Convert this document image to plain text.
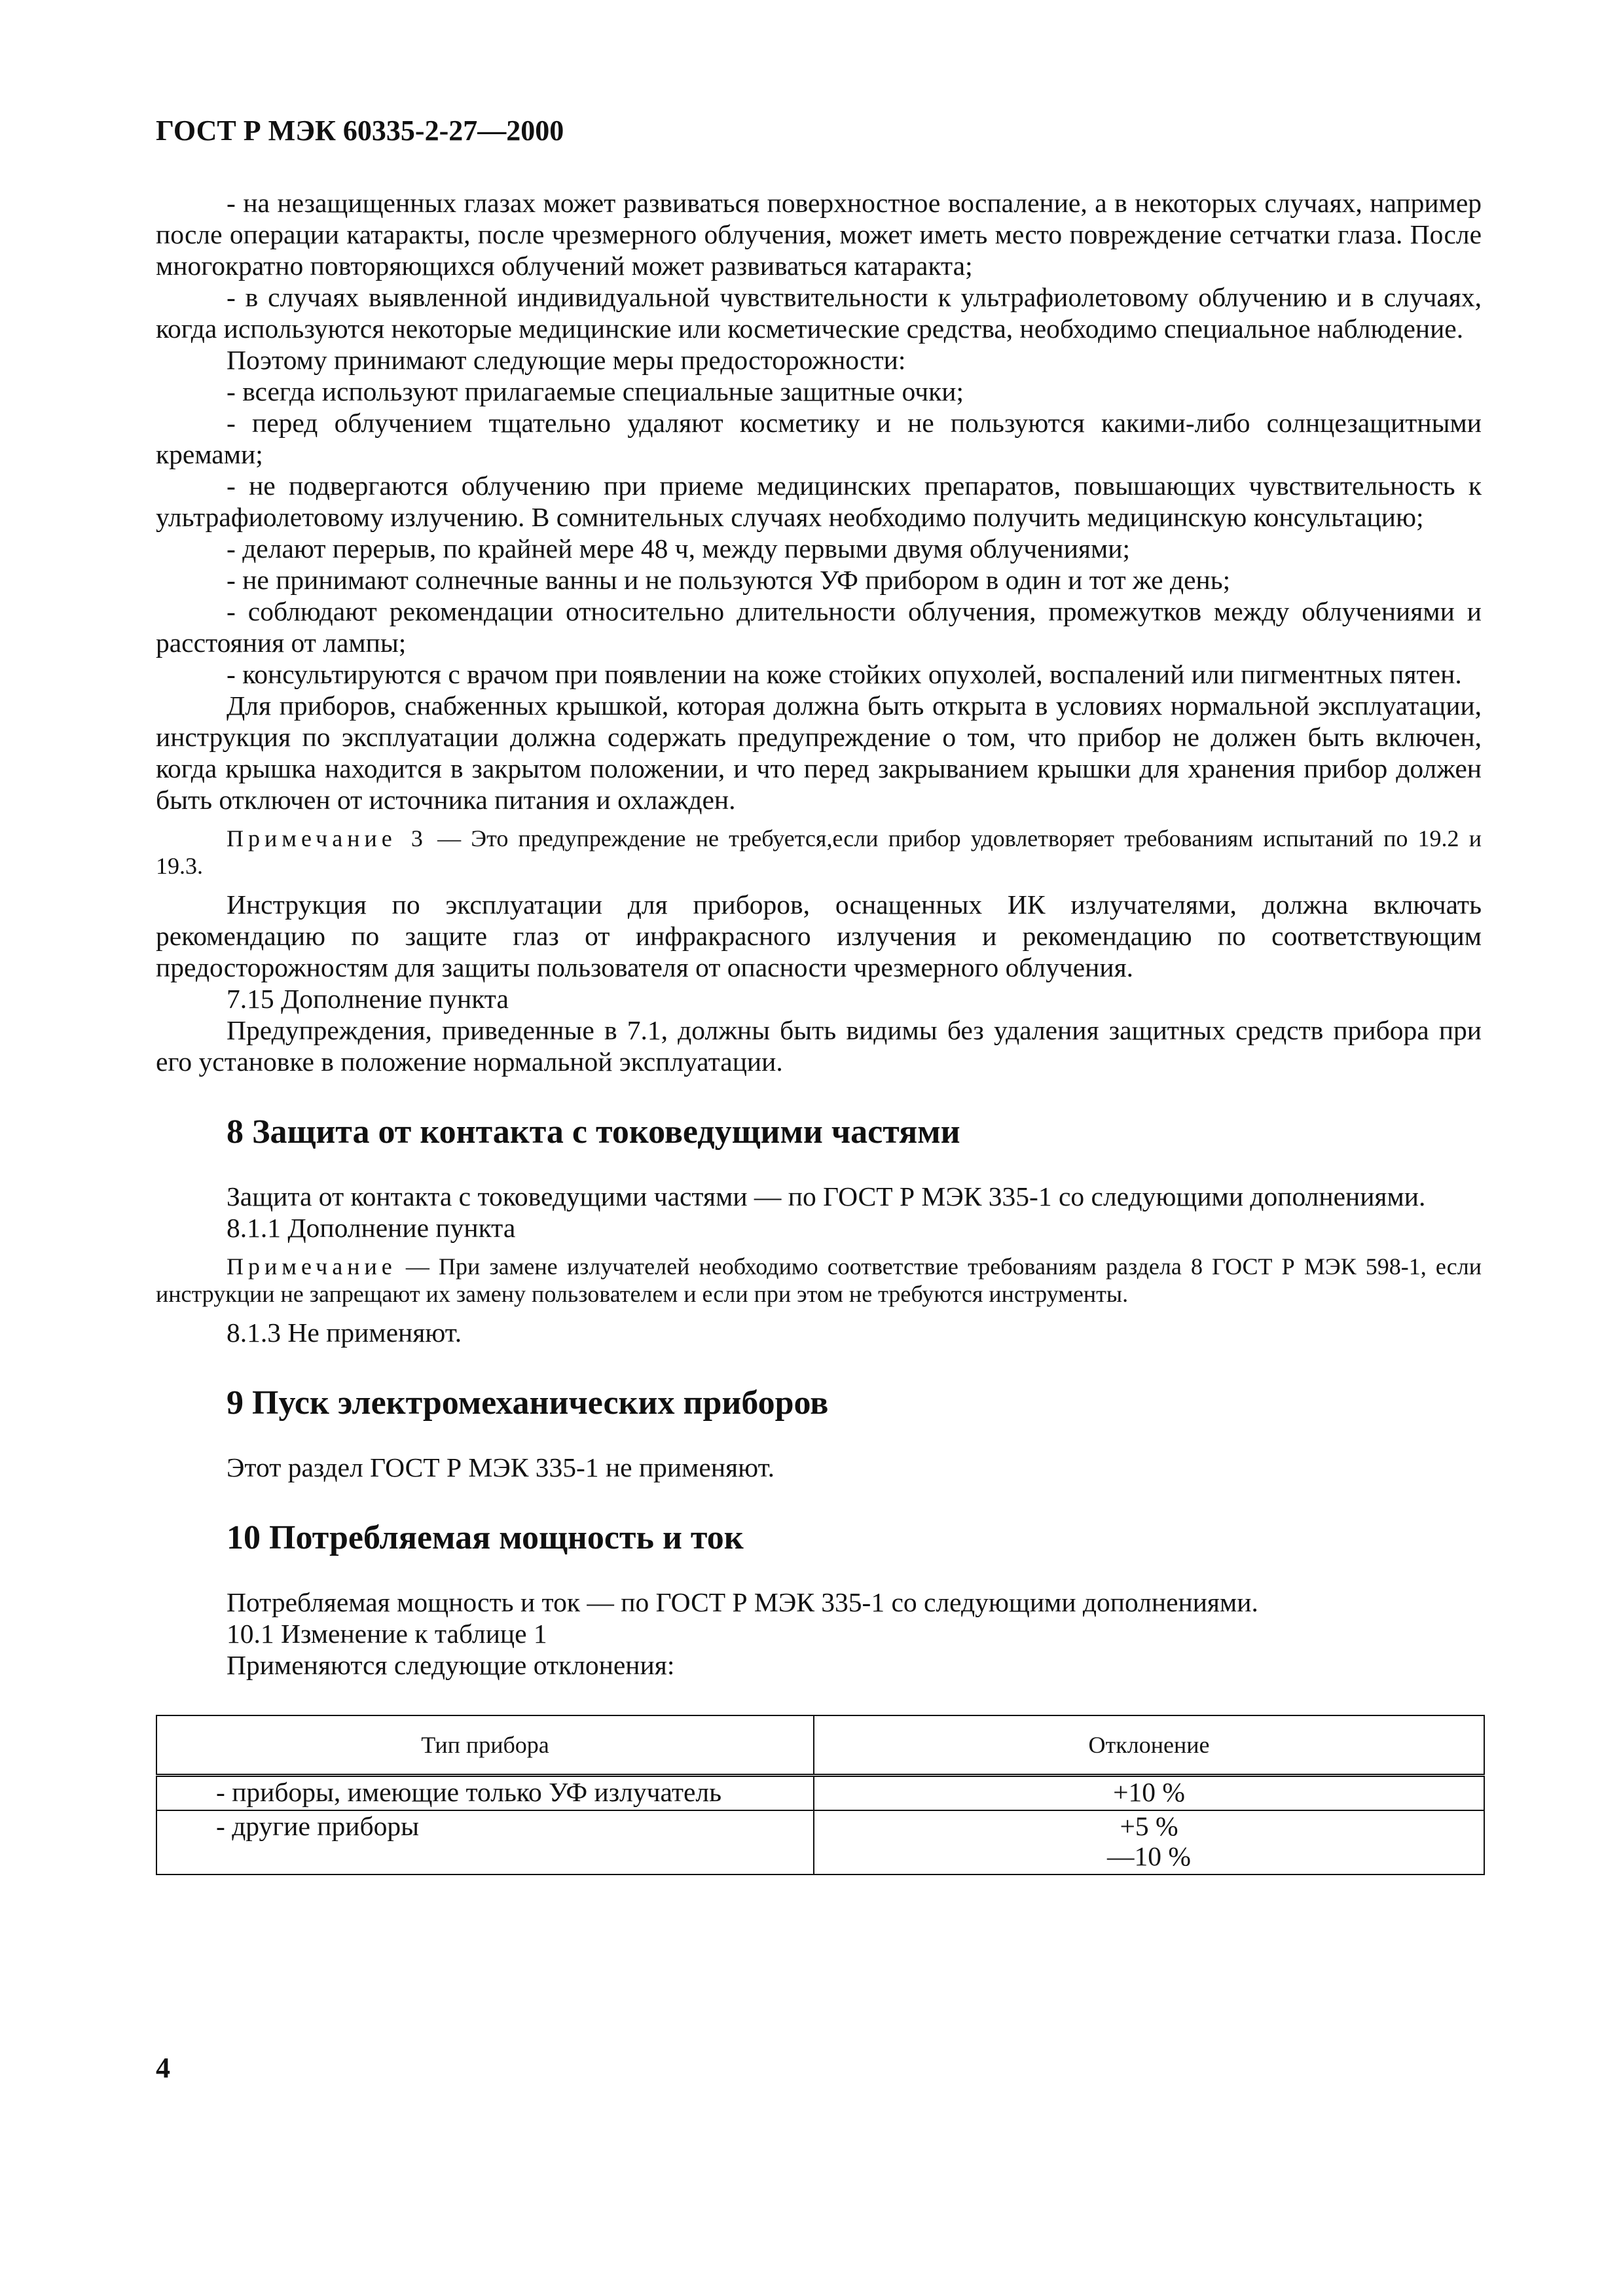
ГОСТ Р МЭК 60335-2-27—2000

- на незащищенных глазах может развиваться поверхностное воспаление, а в некоторых случаях, например после операции катаракты, после чрезмерного облучения, может иметь место повреждение сетчатки глаза. После многократно повторяющихся облучений может развиваться катаракта;

- в случаях выявленной индивидуальной чувствительности к ультрафиолетовому облучению и в случаях, когда используются некоторые медицинские или косметические средства, необходимо специальное наблюдение.

Поэтому принимают следующие меры предосторожности:

- всегда используют прилагаемые специальные защитные очки;

- перед облучением тщательно удаляют косметику и не пользуются какими-либо солнцезащитными кремами;

- не подвергаются облучению при приеме медицинских препаратов, повышающих чувствительность к ультрафиолетовому излучению. В сомнительных случаях необходимо получить медицинскую консультацию;

- делают перерыв, по крайней мере 48 ч, между первыми двумя облучениями;

- не принимают солнечные ванны и не пользуются УФ прибором в один и тот же день;

- соблюдают рекомендации относительно длительности облучения, промежутков между облучениями и расстояния от лампы;

- консультируются с врачом при появлении на коже стойких опухолей, воспалений или пигментных пятен.

Для приборов, снабженных крышкой, которая должна быть открыта в условиях нормальной эксплуатации, инструкция по эксплуатации должна содержать предупреждение о том, что прибор не должен быть включен, когда крышка находится в закрытом положении, и что перед закрыванием крышки для хранения прибор должен быть отключен от источника питания и охлажден.

Примечание 3 — Это предупреждение не требуется,если прибор удовлетворяет требованиям испытаний по 19.2 и 19.3.

Инструкция по эксплуатации для приборов, оснащенных ИК излучателями, должна включать рекомендацию по защите глаз от инфракрасного излучения и рекомендацию по соответствующим предосторожностям для защиты пользователя от опасности чрезмерного облучения.

7.15 Дополнение пункта

Предупреждения, приведенные в 7.1, должны быть видимы без удаления защитных средств прибора при его установке в положение нормальной эксплуатации.

8 Защита от контакта с токоведущими частями

Защита от контакта с токоведущими частями — по ГОСТ Р МЭК 335-1 со следующими дополнениями.

8.1.1 Дополнение пункта

Примечание — При замене излучателей необходимо соответствие требованиям раздела 8 ГОСТ Р МЭК 598-1, если инструкции не запрещают их замену пользователем и если при этом не требуются инструменты.

8.1.3 Не применяют.

9 Пуск электромеханических приборов

Этот раздел ГОСТ Р МЭК 335-1 не применяют.

10 Потребляемая мощность и ток

Потребляемая мощность и ток — по ГОСТ Р МЭК 335-1 со следующими дополнениями.

10.1 Изменение к таблице 1

Применяются следующие отклонения:

Тип прибора	Отклонение
- приборы, имеющие только УФ излучатель	+10 %
- другие приборы	+5 %
—10 %
4
